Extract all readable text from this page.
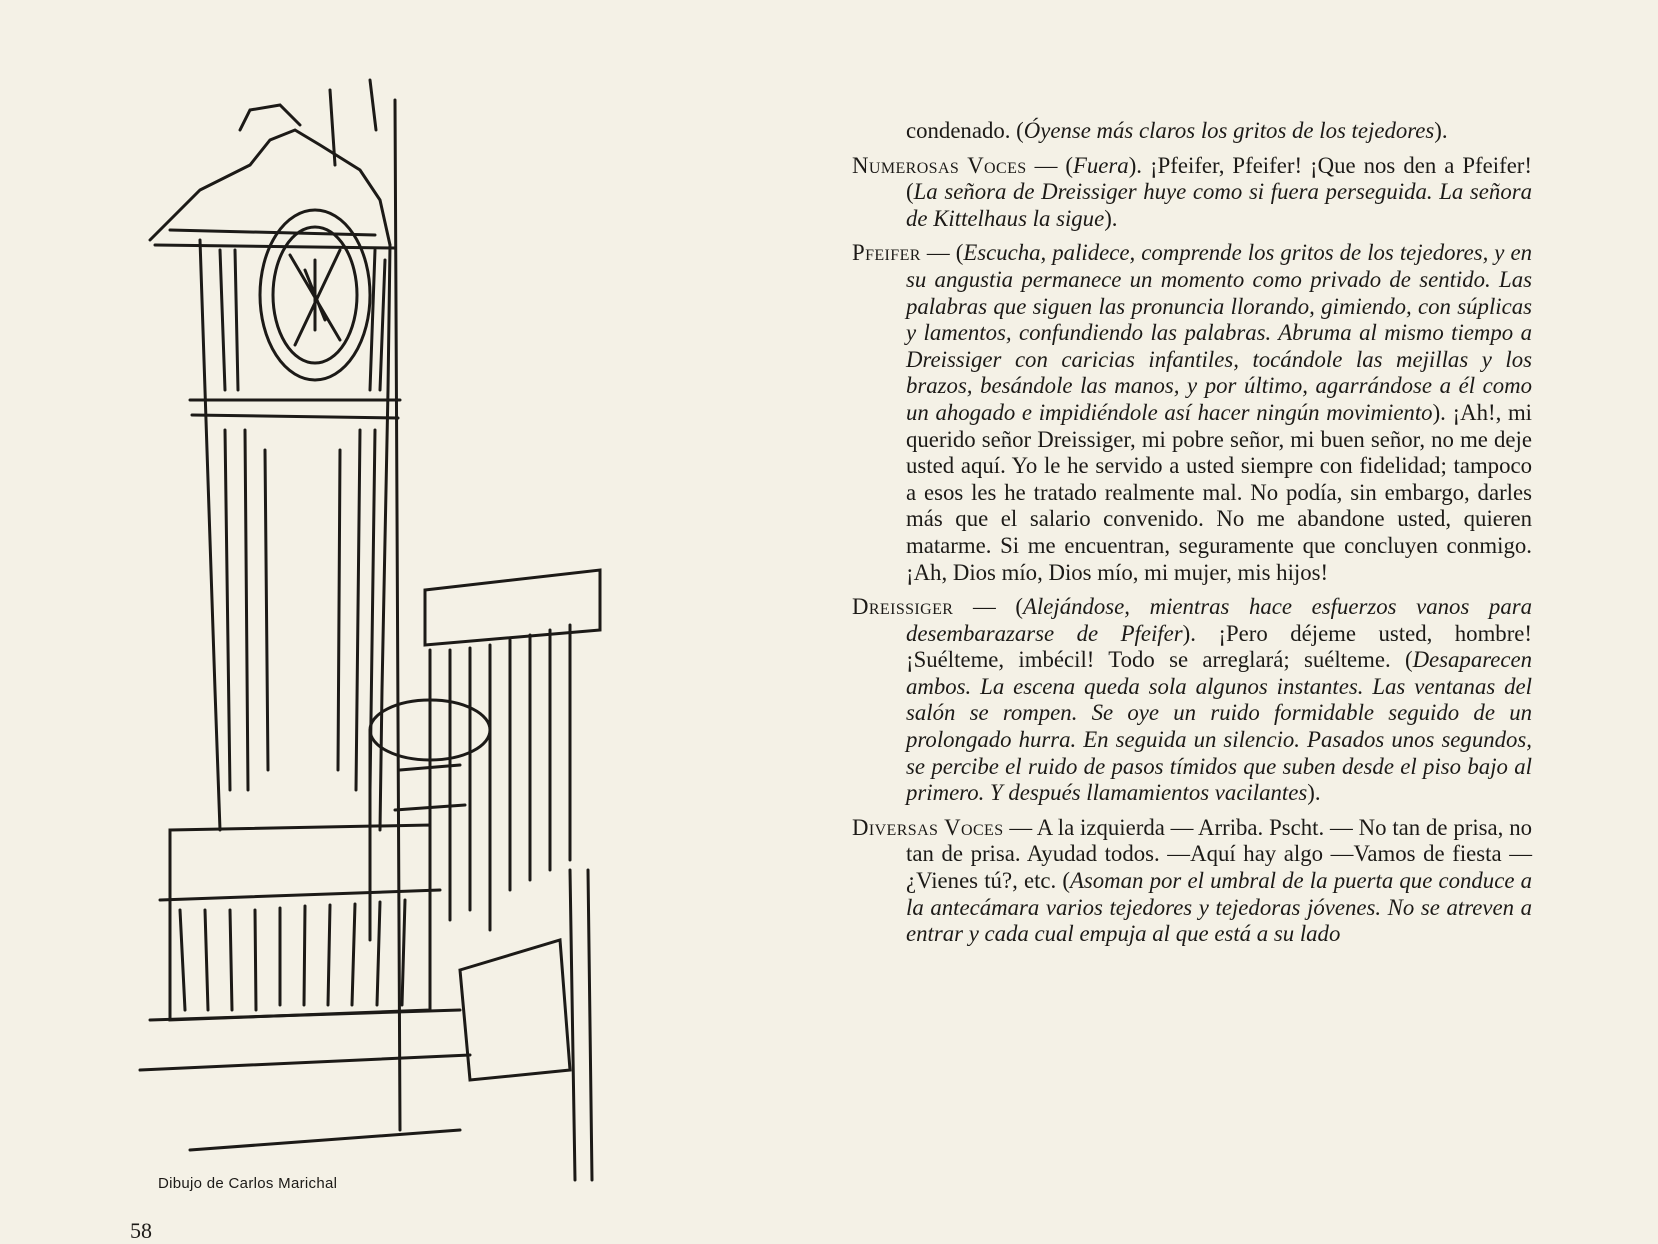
Dibujo de Carlos Marichal
58

condenado. (Óyense más claros los gritos de los tejedores).

Numerosas Voces — (Fuera). ¡Pfeifer, Pfeifer! ¡Que nos den a Pfeifer! (La señora de Dreissiger huye como si fuera perseguida. La señora de Kittelhaus la sigue).

Pfeifer — (Escucha, palidece, comprende los gritos de los tejedores, y en su angustia permanece un momento como privado de sentido. Las palabras que siguen las pronuncia llorando, gimiendo, con súplicas y lamentos, confundiendo las palabras. Abruma al mismo tiempo a Dreissiger con caricias infantiles, tocándole las mejillas y los brazos, besándole las manos, y por último, agarrándose a él como un ahogado e impidiéndole así hacer ningún movimiento). ¡Ah!, mi querido señor Dreissiger, mi pobre señor, mi buen señor, no me deje usted aquí. Yo le he servido a usted siempre con fidelidad; tampoco a esos les he tratado realmente mal. No podía, sin embargo, darles más que el salario convenido. No me abandone usted, quieren matarme. Si me encuentran, seguramente que concluyen conmigo. ¡Ah, Dios mío, Dios mío, mi mujer, mis hijos!

Dreissiger — (Alejándose, mientras hace esfuerzos vanos para desembarazarse de Pfeifer). ¡Pero déjeme usted, hombre! ¡Suélteme, imbécil! Todo se arreglará; suélteme. (Desaparecen ambos. La escena queda sola algunos instantes. Las ventanas del salón se rompen. Se oye un ruido formidable seguido de un prolongado hurra. En seguida un silencio. Pasados unos segundos, se percibe el ruido de pasos tímidos que suben desde el piso bajo al primero. Y después llamamientos vacilantes).

Diversas Voces — A la izquierda — Arriba. Pscht. — No tan de prisa, no tan de prisa. Ayudad todos. —Aquí hay algo —Vamos de fiesta —¿Vienes tú?, etc. (Asoman por el umbral de la puerta que conduce a la antecámara varios tejedores y tejedoras jóvenes. No se atreven a entrar y cada cual empuja al que está a su lado
